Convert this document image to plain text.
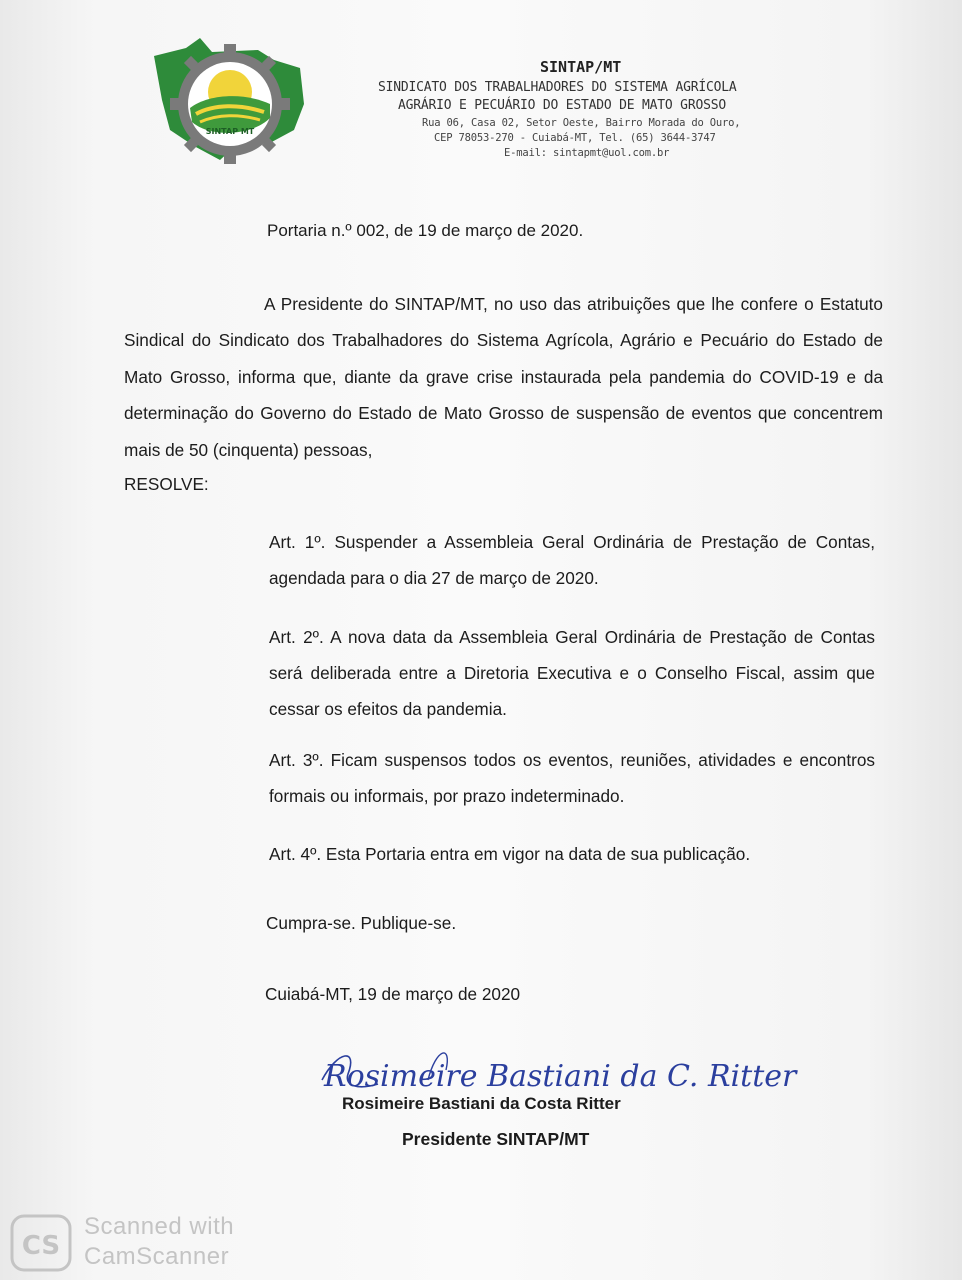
SINTAP MT
SINTAP/MT
SINDICATO DOS TRABALHADORES DO SISTEMA AGRÍCOLA
AGRÁRIO E PECUÁRIO DO ESTADO DE MATO GROSSO
Rua 06, Casa 02, Setor Oeste, Bairro Morada do Ouro,
CEP 78053-270 - Cuiabá-MT, Tel. (65) 3644-3747
E-mail: sintapmt@uol.com.br
Portaria n.º 002, de 19 de março de 2020.
A Presidente do SINTAP/MT, no uso das atribuições que lhe confere o Estatuto Sindical do Sindicato dos Trabalhadores do Sistema Agrícola, Agrário e Pecuário do Estado de Mato Grosso, informa que, diante da grave crise instaurada pela pandemia do COVID-19 e da determinação do Governo do Estado de Mato Grosso de suspensão de eventos que concentrem mais de 50 (cinquenta) pessoas,
RESOLVE:
Art. 1º. Suspender a Assembleia Geral Ordinária de Prestação de Contas, agendada para o dia 27 de março de 2020.
Art. 2º. A nova data da Assembleia Geral Ordinária de Prestação de Contas será deliberada entre a Diretoria Executiva e o Conselho Fiscal, assim que cessar os efeitos da pandemia.
Art. 3º. Ficam suspensos todos os eventos, reuniões, atividades e encontros formais ou informais, por prazo indeterminado.
Art. 4º. Esta Portaria entra em vigor na data de sua publicação.
Cumpra-se. Publique-se.
Cuiabá-MT, 19 de março de 2020
Rosimeire Bastiani da C. Ritter
Rosimeire Bastiani da Costa Ritter
Presidente SINTAP/MT
CS
Scanned with
CamScanner
